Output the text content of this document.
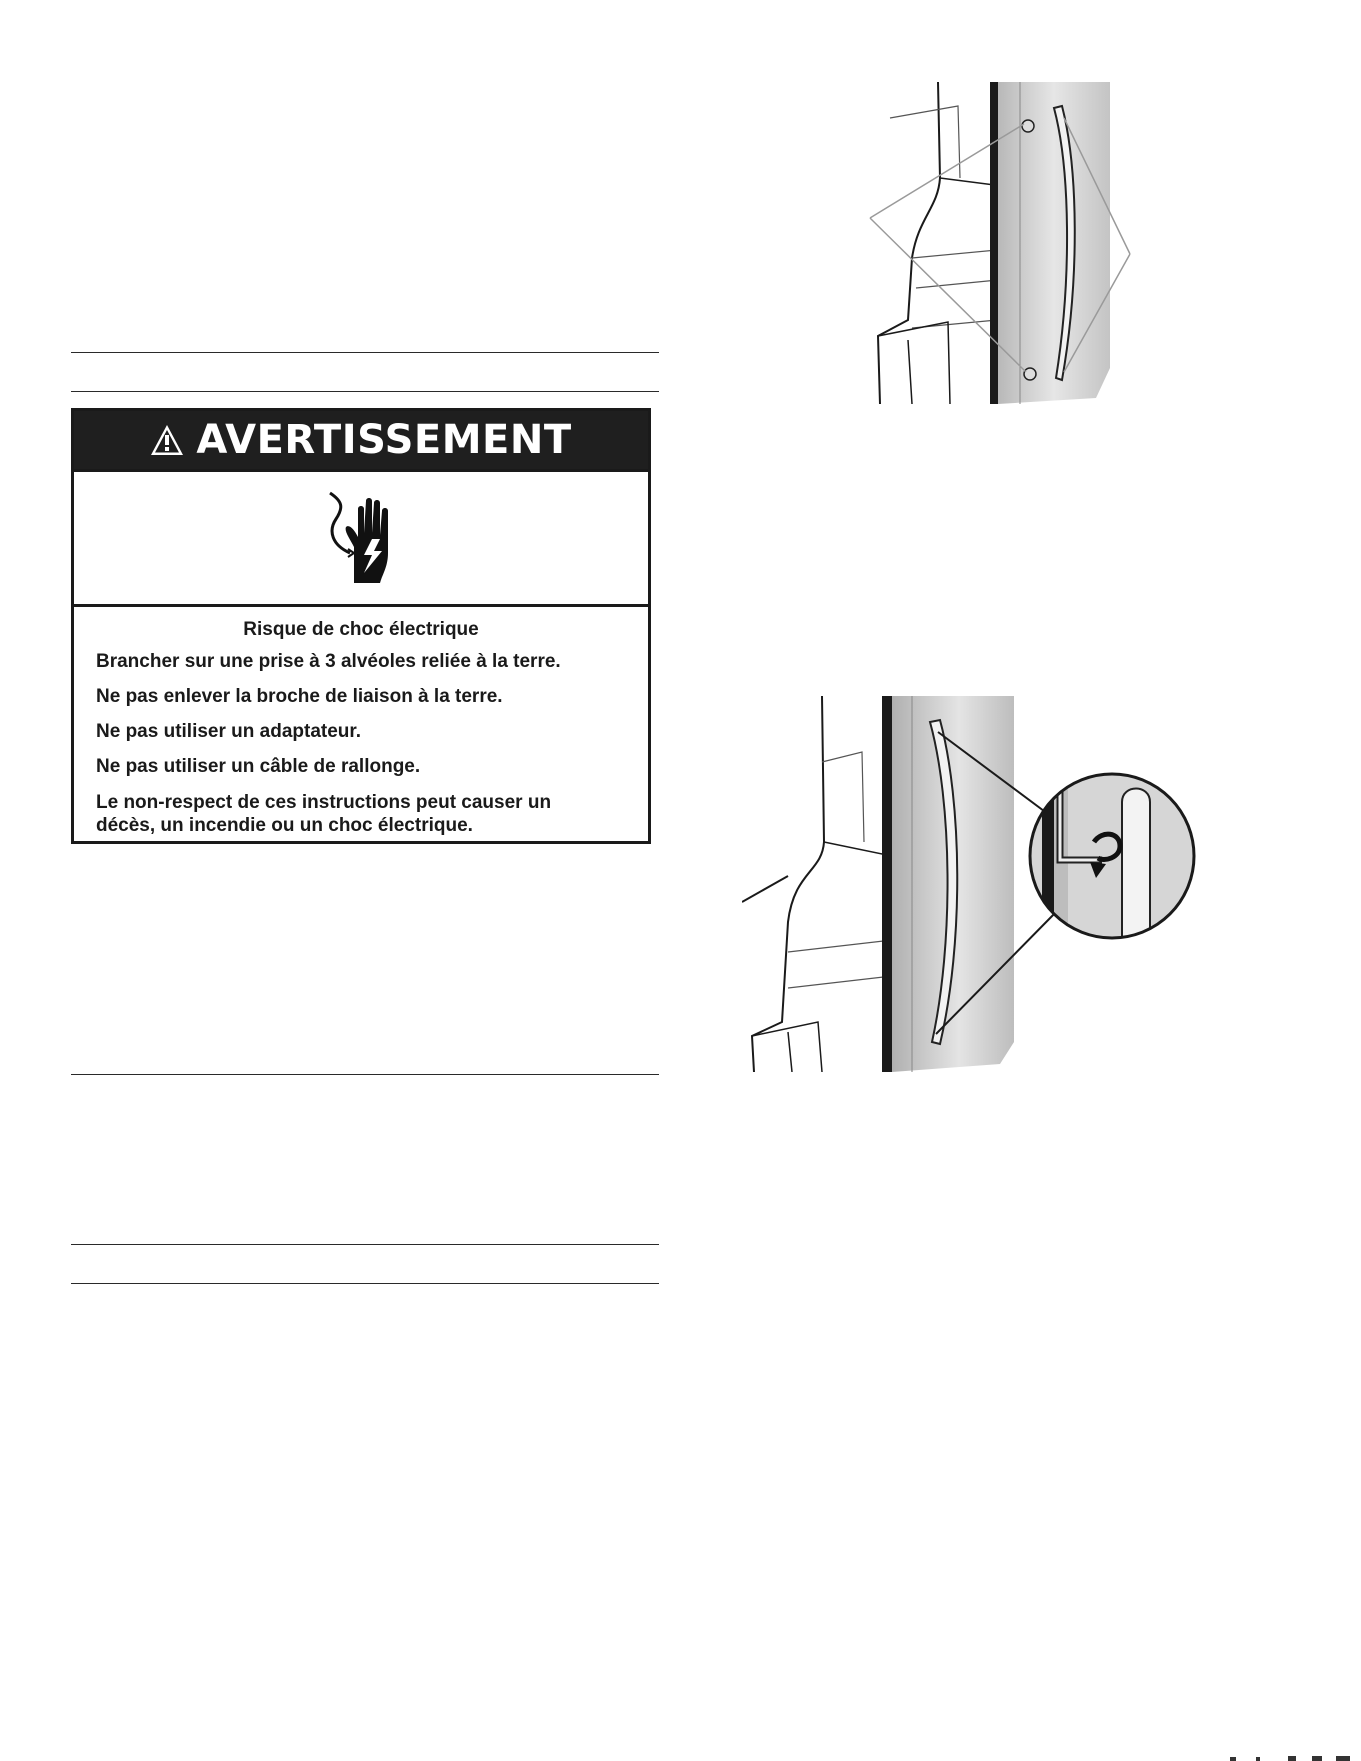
AVERTISSEMENT

Risque de choc électrique

Brancher sur une prise à 3 alvéoles reliée à la terre.

Ne pas enlever la broche de liaison à la terre.

Ne pas utiliser un adaptateur.

Ne pas utiliser un câble de rallonge.

Le non-respect de ces instructions peut causer un décès, un incendie ou un choc électrique.
